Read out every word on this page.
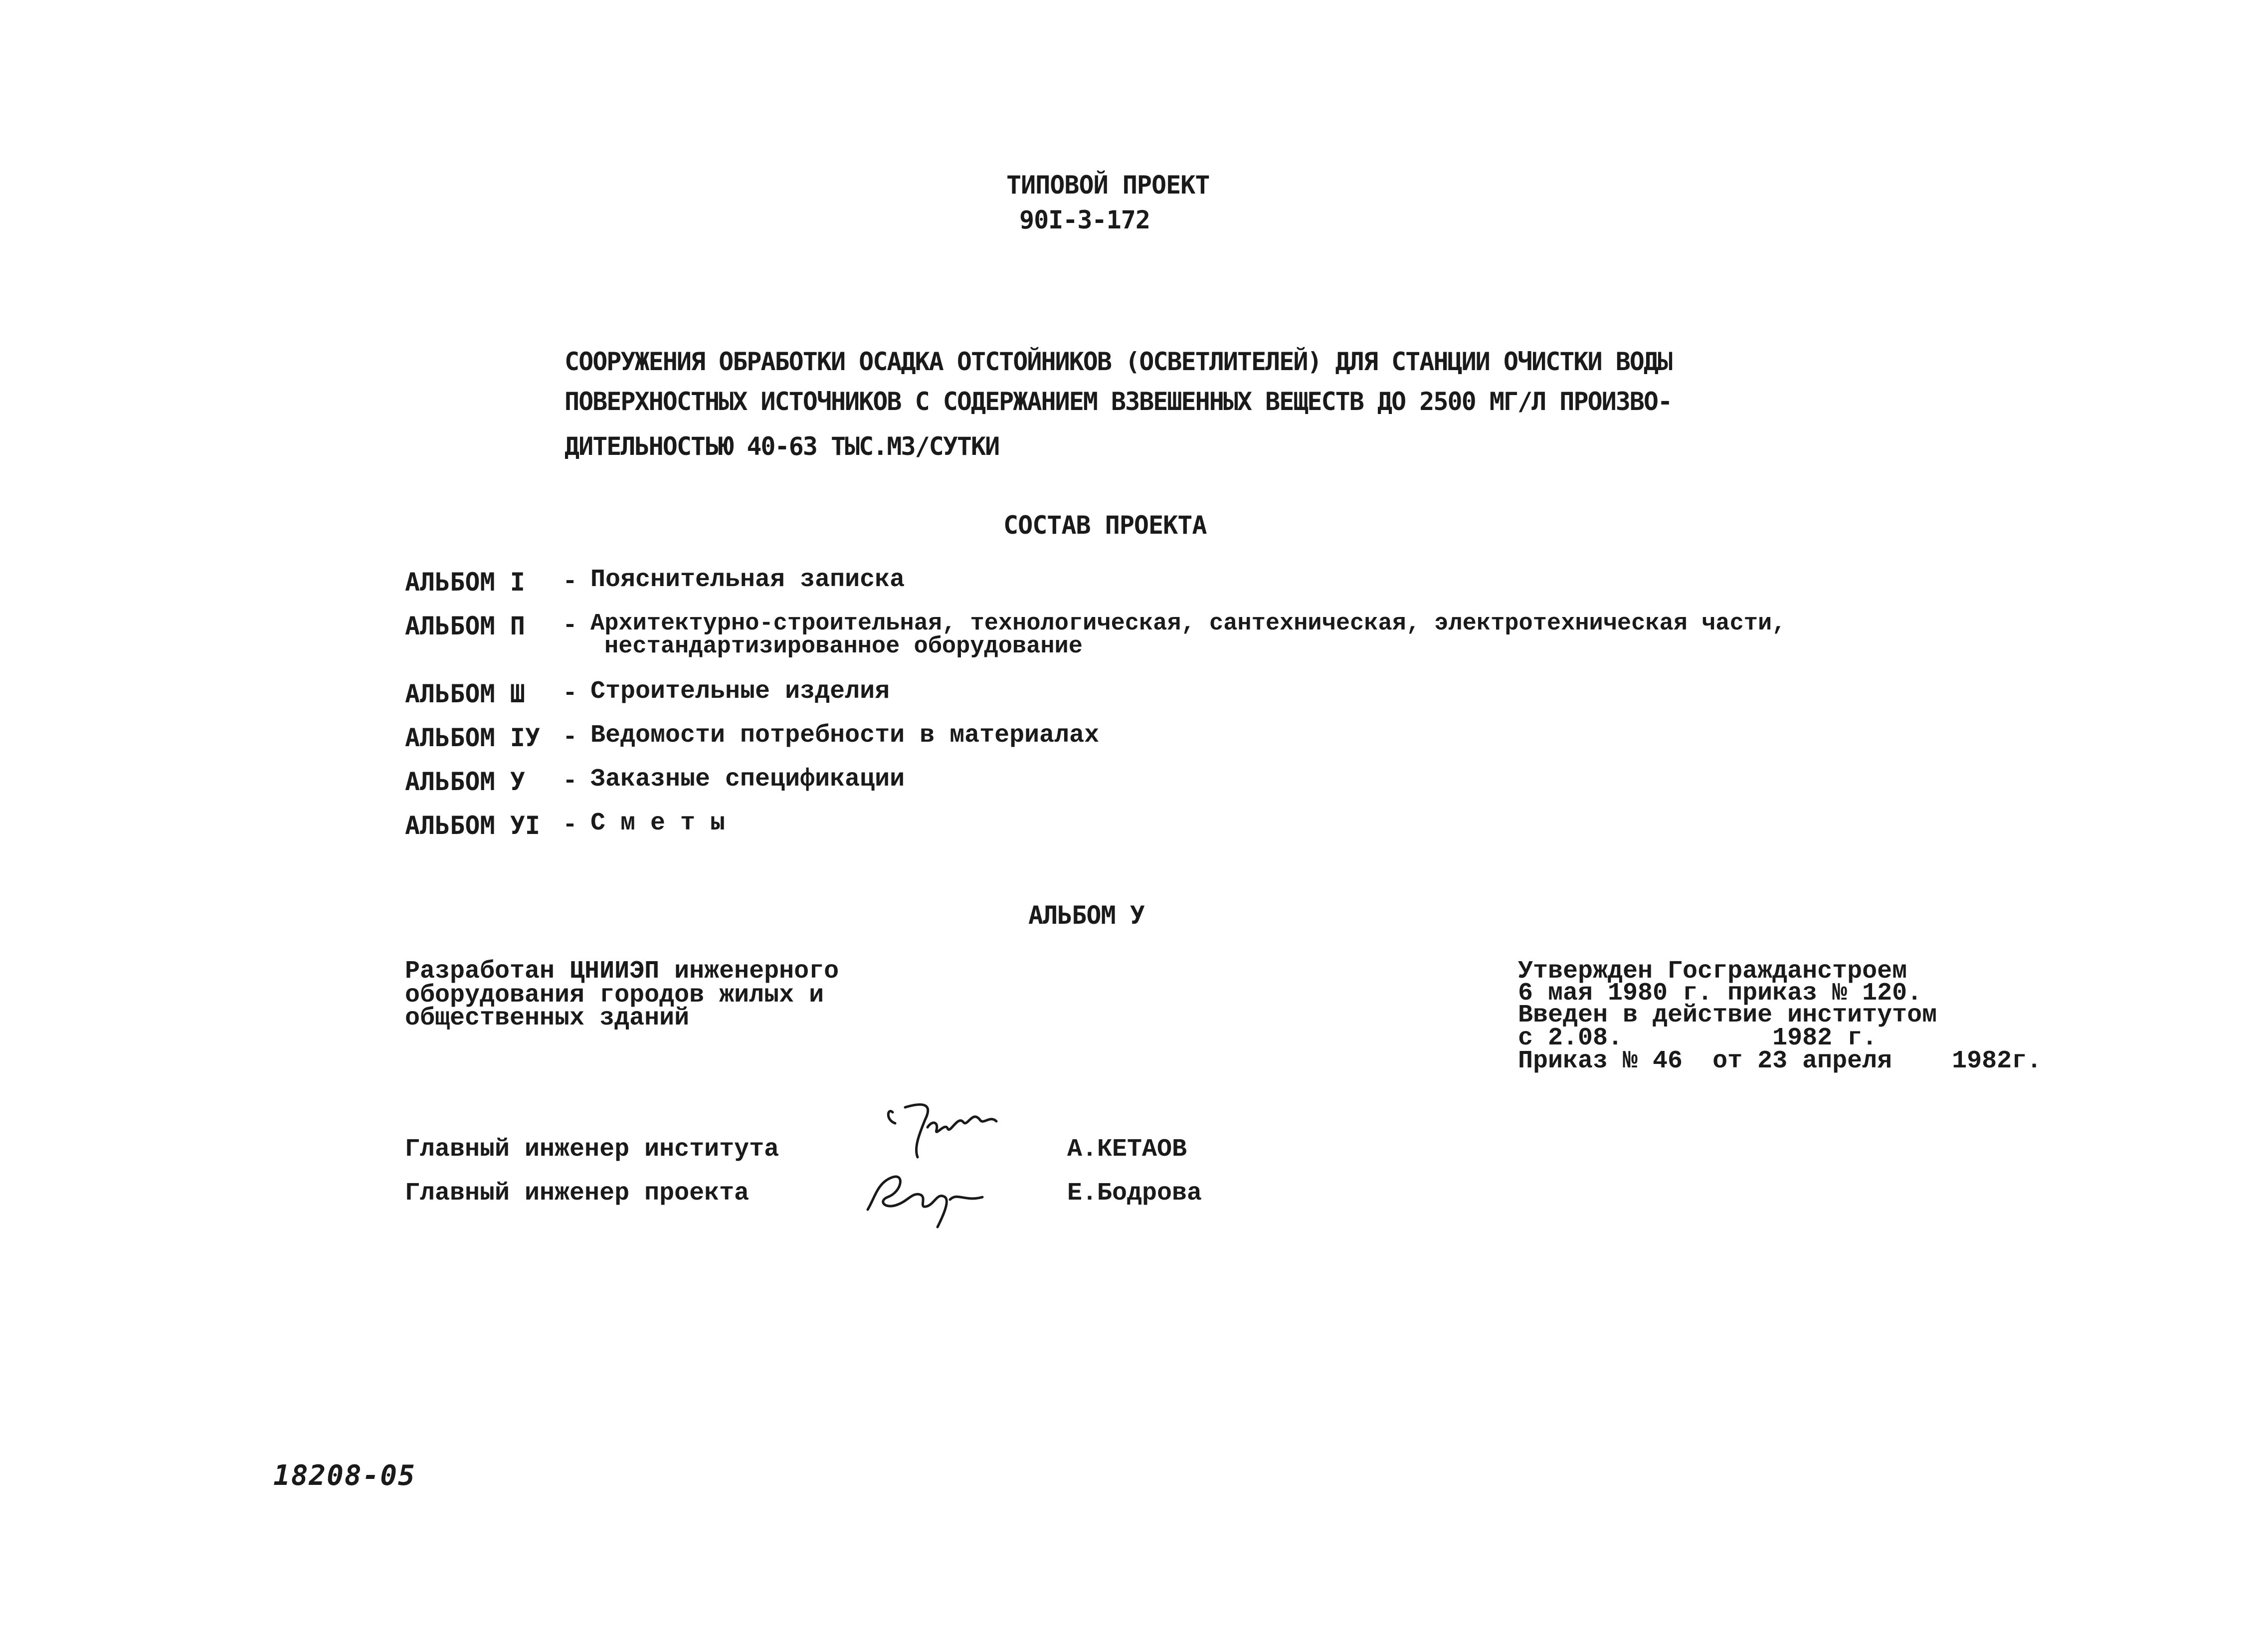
ТИПОВОЙ ПРОЕКТ
90I-3-172
СООРУЖЕНИЯ ОБРАБОТКИ ОСАДКА ОТСТОЙНИКОВ (ОСВЕТЛИТЕЛЕЙ) ДЛЯ СТАНЦИИ ОЧИСТКИ ВОДЫ
ПОВЕРХНОСТНЫХ ИСТОЧНИКОВ С СОДЕРЖАНИЕМ ВЗВЕШЕННЫХ ВЕЩЕСТВ ДО 2500 МГ/Л ПРОИЗВО-
ДИТЕЛЬНОСТЬЮ 40-63 ТЫС.М3/СУТКИ
СОСТАВ ПРОЕКТА
АЛЬБОМ I - Пояснительная записка
АЛЬБОМ П - Архитектурно-строительная, технологическая, сантехническая, электротехническая части,
нестандартизированное оборудование
АЛЬБОМ Ш - Строительные изделия
АЛЬБОМ IУ - Ведомости потребности в материалах
АЛЬБОМ У - Заказные спецификации
АЛЬБОМ УI - С м е т ы
АЛЬБОМ У
Разработан ЦНИИЭП инженерного
оборудования городов жилых и
общественных зданий
Утвержден Госгражданстроем
6 мая 1980 г. приказ № 120.
Введен в действие институтом
с 2.08.          1982 г.
Приказ № 46  от 23 апреля    1982г.
Главный инженер института	А.КЕТАОВ
Главный инженер проекта	Е.Бодрова
18208-05
